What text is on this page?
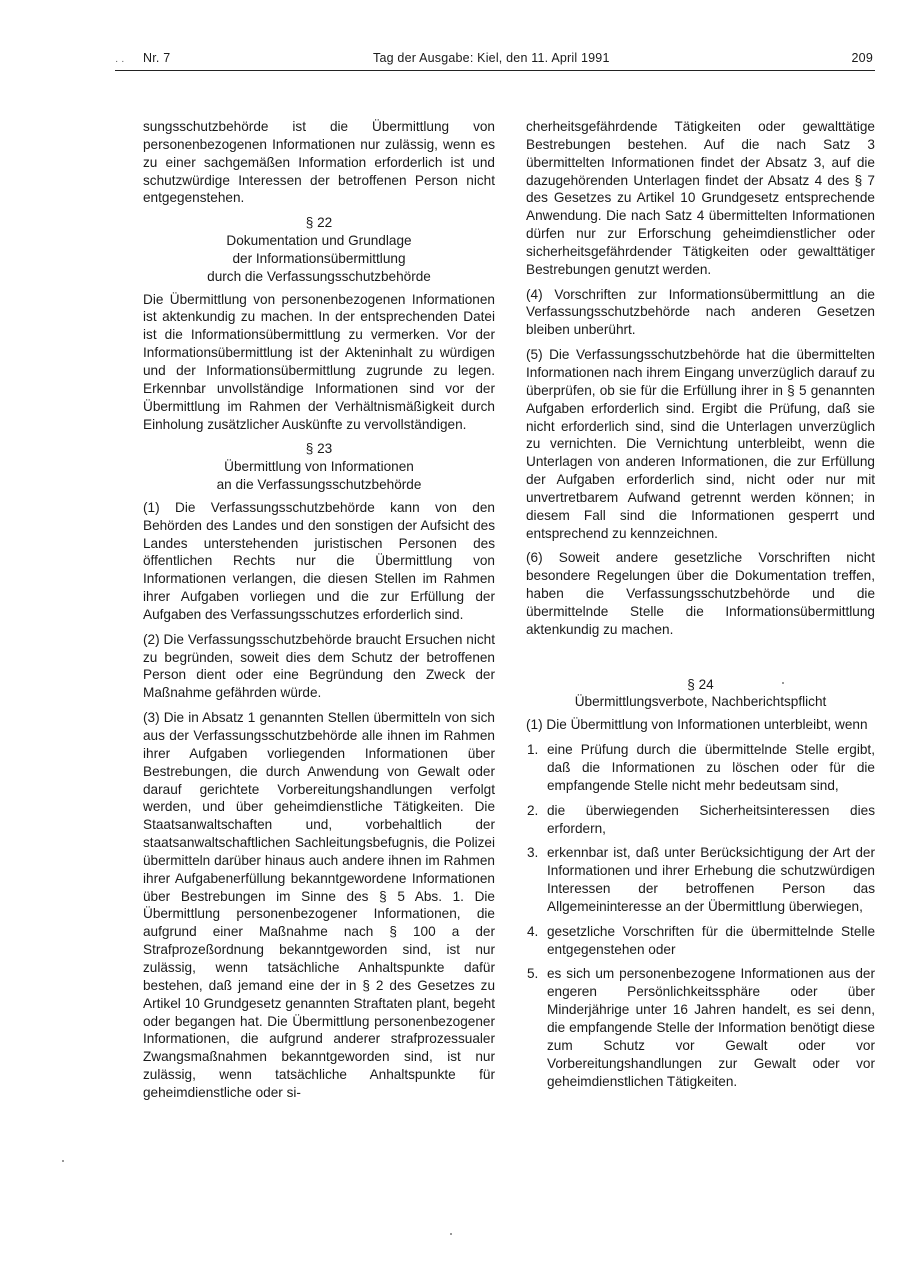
· · Nr. 7	Tag der Ausgabe: Kiel, den 11. April 1991	209

sungsschutzbehörde ist die Übermittlung von personenbezogenen Informationen nur zulässig, wenn es zu einer sachgemäßen Information erforderlich ist und schutzwürdige Interessen der betroffenen Person nicht entgegenstehen.

§ 22
Dokumentation und Grundlage
der Informationsübermittlung
durch die Verfassungsschutzbehörde

Die Übermittlung von personenbezogenen Informationen ist aktenkundig zu machen. In der entsprechenden Datei ist die Informationsübermittlung zu vermerken. Vor der Informationsübermittlung ist der Akteninhalt zu würdigen und der Informationsübermittlung zugrunde zu legen. Erkennbar unvollständige Informationen sind vor der Übermittlung im Rahmen der Verhältnismäßigkeit durch Einholung zusätzlicher Auskünfte zu vervollständigen.

§ 23
Übermittlung von Informationen
an die Verfassungsschutzbehörde

(1) Die Verfassungsschutzbehörde kann von den Behörden des Landes und den sonstigen der Aufsicht des Landes unterstehenden juristischen Personen des öffentlichen Rechts nur die Übermittlung von Informationen verlangen, die diesen Stellen im Rahmen ihrer Aufgaben vorliegen und die zur Erfüllung der Aufgaben des Verfassungsschutzes erforderlich sind.

(2) Die Verfassungsschutzbehörde braucht Ersuchen nicht zu begründen, soweit dies dem Schutz der betroffenen Person dient oder eine Begründung den Zweck der Maßnahme gefährden würde.

(3) Die in Absatz 1 genannten Stellen übermitteln von sich aus der Verfassungsschutzbehörde alle ihnen im Rahmen ihrer Aufgaben vorliegenden Informationen über Bestrebungen, die durch Anwendung von Gewalt oder darauf gerichtete Vorbereitungshandlungen verfolgt werden, und über geheimdienstliche Tätigkeiten. Die Staatsanwaltschaften und, vorbehaltlich der staatsanwaltschaftlichen Sachleitungsbefugnis, die Polizei übermitteln darüber hinaus auch andere ihnen im Rahmen ihrer Aufgabenerfüllung bekanntgewordene Informationen über Bestrebungen im Sinne des § 5 Abs. 1. Die Übermittlung personenbezogener Informationen, die aufgrund einer Maßnahme nach § 100 a der Strafprozeßordnung bekanntgeworden sind, ist nur zulässig, wenn tatsächliche Anhaltspunkte dafür bestehen, daß jemand eine der in § 2 des Gesetzes zu Artikel 10 Grundgesetz genannten Straftaten plant, begeht oder begangen hat. Die Übermittlung personenbezogener Informationen, die aufgrund anderer strafprozessualer Zwangsmaßnahmen bekanntgeworden sind, ist nur zulässig, wenn tatsächliche Anhaltspunkte für geheimdienstliche oder si-

cherheitsgefährdende Tätigkeiten oder gewalttätige Bestrebungen bestehen. Auf die nach Satz 3 übermittelten Informationen findet der Absatz 3, auf die dazugehörenden Unterlagen findet der Absatz 4 des § 7 des Gesetzes zu Artikel 10 Grundgesetz entsprechende Anwendung. Die nach Satz 4 übermittelten Informationen dürfen nur zur Erforschung geheimdienstlicher oder sicherheitsgefährdender Tätigkeiten oder gewalttätiger Bestrebungen genutzt werden.

(4) Vorschriften zur Informationsübermittlung an die Verfassungsschutzbehörde nach anderen Gesetzen bleiben unberührt.

(5) Die Verfassungsschutzbehörde hat die übermittelten Informationen nach ihrem Eingang unverzüglich darauf zu überprüfen, ob sie für die Erfüllung ihrer in § 5 genannten Aufgaben erforderlich sind. Ergibt die Prüfung, daß sie nicht erforderlich sind, sind die Unterlagen unverzüglich zu vernichten. Die Vernichtung unterbleibt, wenn die Unterlagen von anderen Informationen, die zur Erfüllung der Aufgaben erforderlich sind, nicht oder nur mit unvertretbarem Aufwand getrennt werden können; in diesem Fall sind die Informationen gesperrt und entsprechend zu kennzeichnen.

(6) Soweit andere gesetzliche Vorschriften nicht besondere Regelungen über die Dokumentation treffen, haben die Verfassungsschutzbehörde und die übermittelnde Stelle die Informationsübermittlung aktenkundig zu machen.

§ 24
Übermittlungsverbote, Nachberichtspflicht

(1) Die Übermittlung von Informationen unterbleibt, wenn

1. eine Prüfung durch die übermittelnde Stelle ergibt, daß die Informationen zu löschen oder für die empfangende Stelle nicht mehr bedeutsam sind,
2. die überwiegenden Sicherheitsinteressen dies erfordern,
3. erkennbar ist, daß unter Berücksichtigung der Art der Informationen und ihrer Erhebung die schutzwürdigen Interessen der betroffenen Person das Allgemeininteresse an der Übermittlung überwiegen,
4. gesetzliche Vorschriften für die übermittelnde Stelle entgegenstehen oder
5. es sich um personenbezogene Informationen aus der engeren Persönlichkeitssphäre oder über Minderjährige unter 16 Jahren handelt, es sei denn, die empfangende Stelle der Information benötigt diese zum Schutz vor Gewalt oder vor Vorbereitungshandlungen zur Gewalt oder vor geheimdienstlichen Tätigkeiten.
